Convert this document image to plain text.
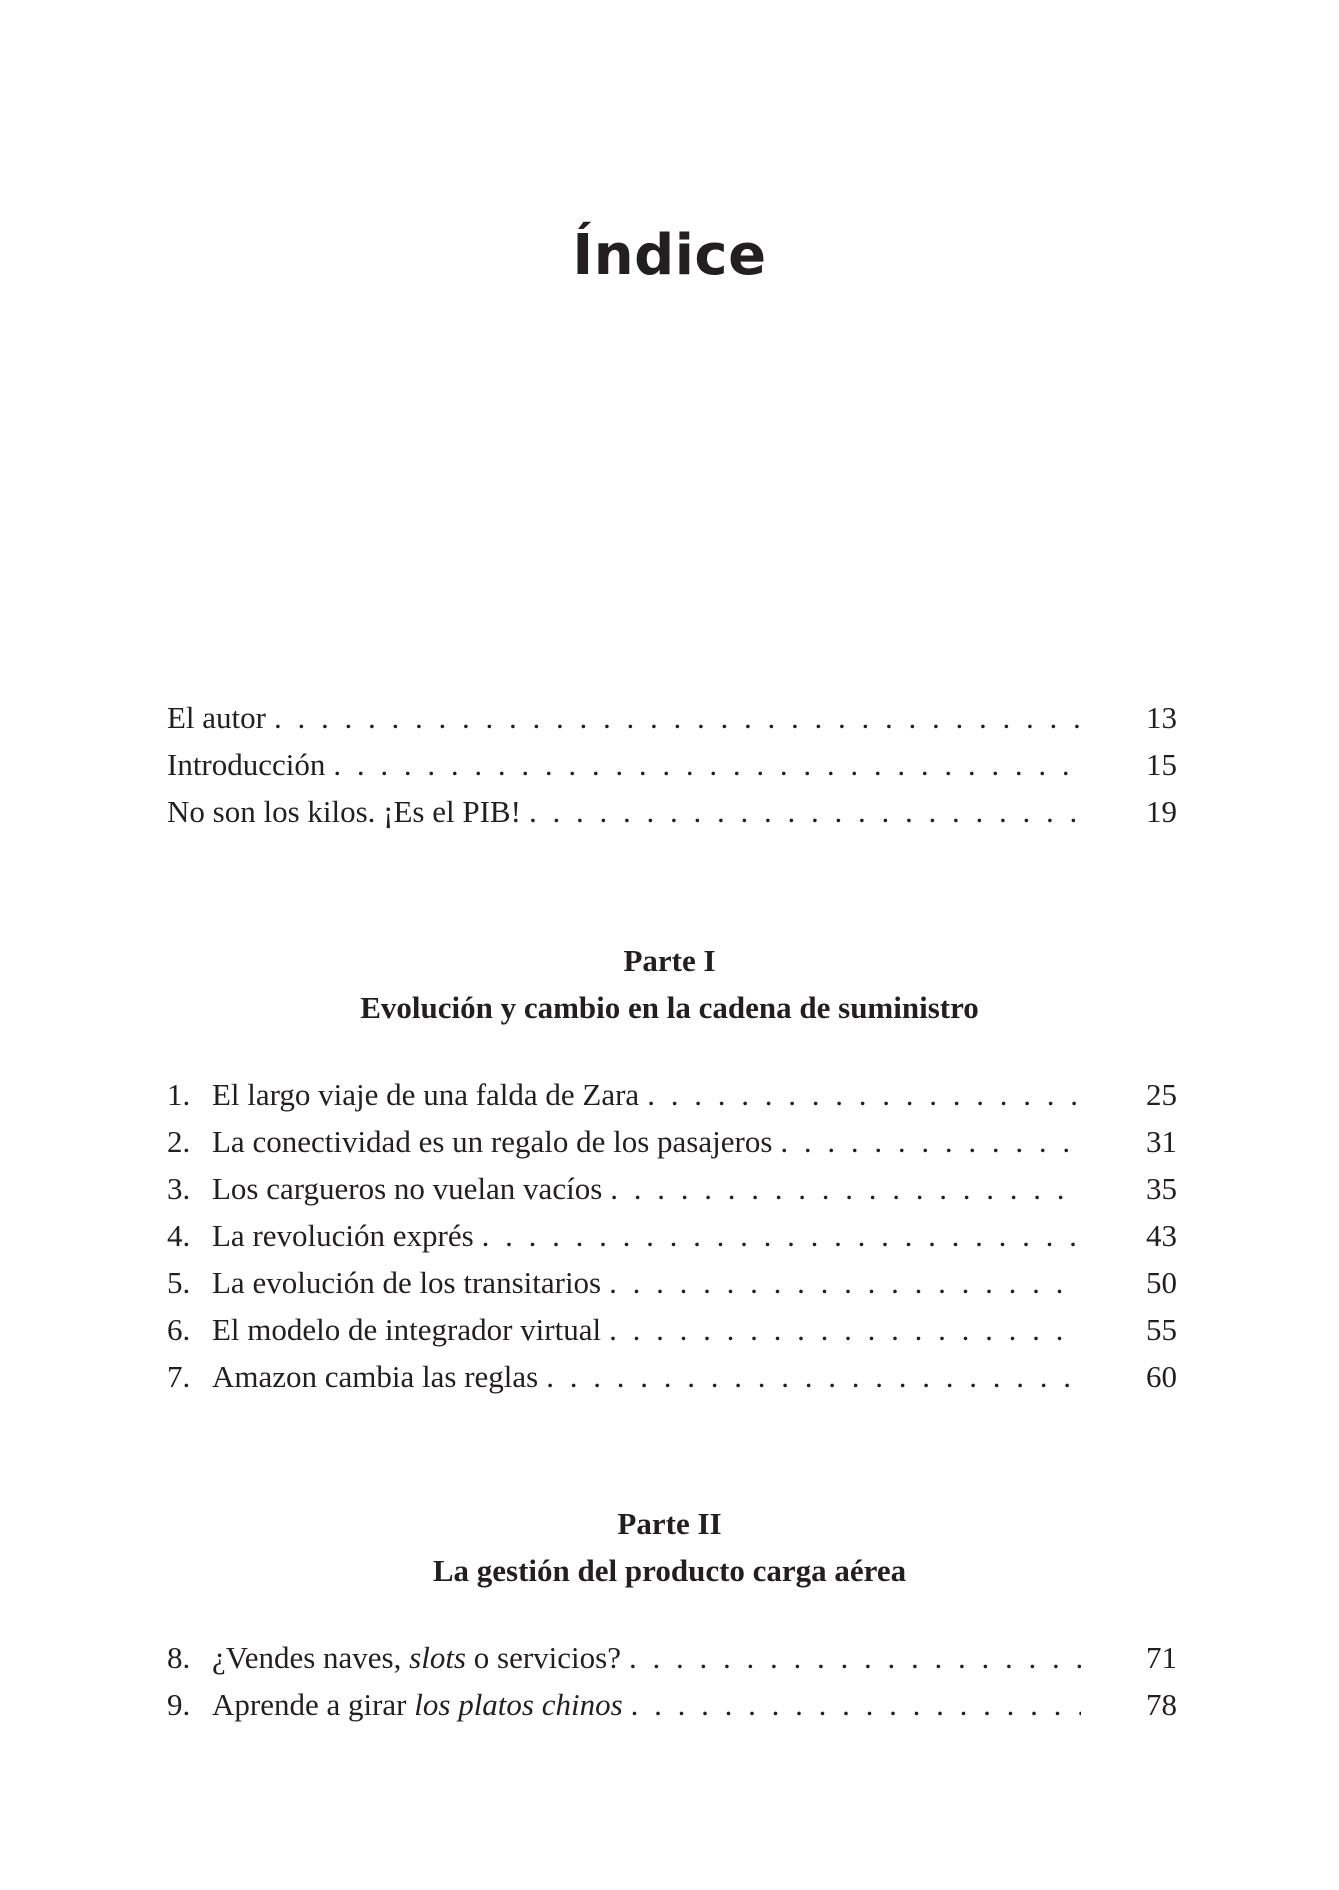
Índice
El autor . . .	13
Introducción . . .	15
No son los kilos. ¡Es el PIB! . . .	19
Parte I
Evolución y cambio en la cadena de suministro
1. El largo viaje de una falda de Zara . . .	25
2. La conectividad es un regalo de los pasajeros . . .	31
3. Los cargueros no vuelan vacíos . . .	35
4. La revolución exprés . . .	43
5. La evolución de los transitarios . . .	50
6. El modelo de integrador virtual . . .	55
7. Amazon cambia las reglas . . .	60
Parte II
La gestión del producto carga aérea
8. ¿Vendes naves, slots o servicios? . . .	71
9. Aprende a girar los platos chinos . . .	78
